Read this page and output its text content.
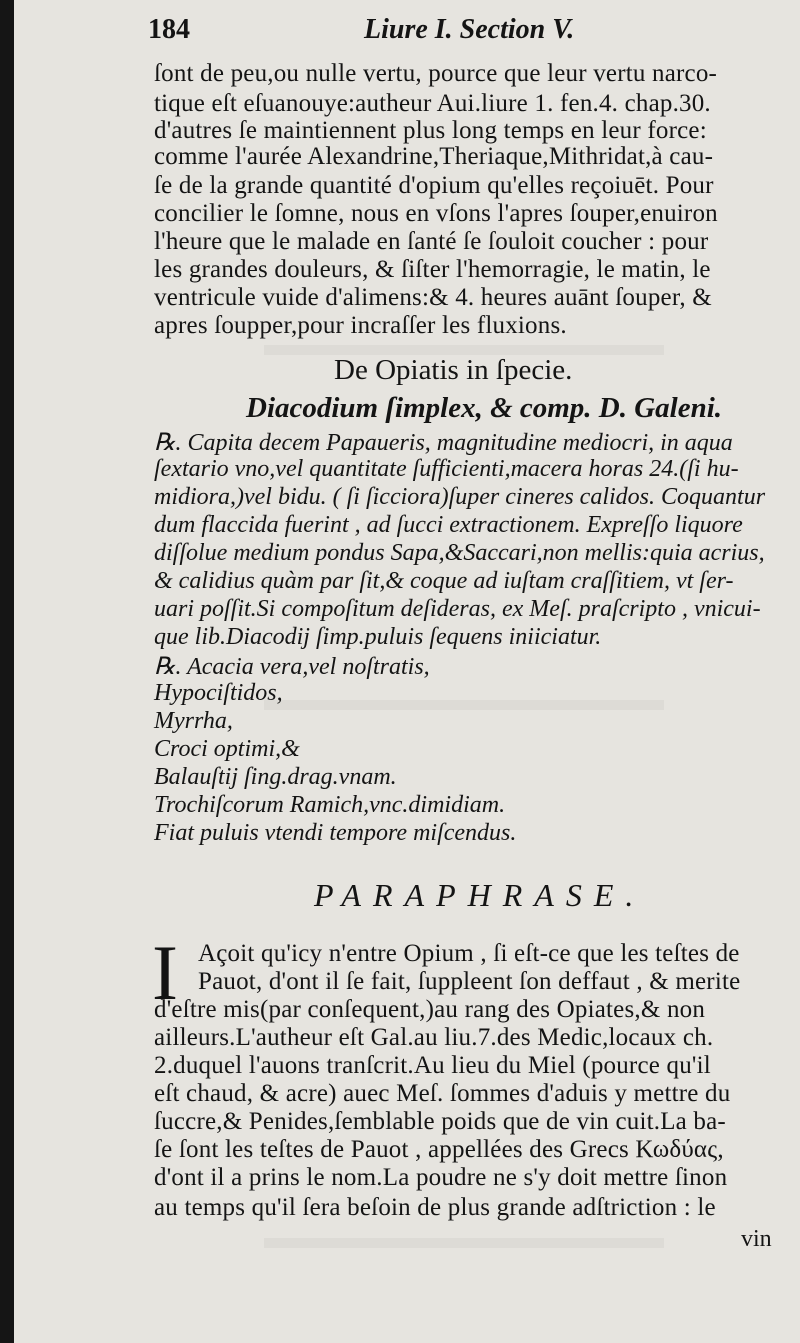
184	Liure I. Section V.
ſont de peu,ou nulle vertu, pource que leur vertu narco-
tique eſt eſuanouye:autheur Aui.liure 1. fen.4. chap.30.
d'autres ſe maintiennent plus long temps en leur force:
comme l'aurée Alexandrine,Theriaque,Mithridat,à cau-
ſe de la grande quantité d'opium qu'elles reçoiuēt. Pour
concilier le ſomne, nous en vſons l'apres ſouper,enuiron
l'heure que le malade en ſanté ſe ſouloit coucher : pour
les grandes douleurs, & ſiſter l'hemorragie, le matin, le
ventricule vuide d'alimens:& 4. heures auānt ſouper, &
apres ſoupper,pour incraſſer les fluxions.
De Opiatis in ſpecie.
Diacodium ſimplex, & comp. D. Galeni.
℞. Capita decem Papaueris, magnitudine mediocri, in aqua
ſextario vno,vel quantitate ſufficienti,macera horas 24.(ſi hu-
midiora,)vel bidu. ( ſi ſicciora)ſuper cineres calidos. Coquantur
dum flaccida fuerint , ad ſucci extractionem. Expreſſo liquore
diſſolue medium pondus Sapa,&Saccari,non mellis:quia acrius,
& calidius quàm par ſit,& coque ad iuſtam craſſitiem, vt ſer-
uari poſſit.Si compoſitum deſideras, ex Meſ. praſcripto , vnicui-
que lib.Diacodij ſimp.puluis ſequens iniiciatur.
℞. Acacia vera,vel noſtratis,
Hypociſtidos,
Myrrha,
Croci optimi,&
Balauſtij ſing.drag.vnam.
Trochiſcorum Ramich,vnc.dimidiam.
Fiat puluis vtendi tempore miſcendus.
PARAPHRASE.
I Açoit qu'icy n'entre Opium , ſi eſt-ce que les teſtes de
Pauot, d'ont il ſe fait, ſuppleent ſon deffaut , & merite
d'eſtre mis(par conſequent,)au rang des Opiates,& non
ailleurs.L'autheur eſt Gal.au liu.7.des Medic,locaux ch.
2.duquel l'auons tranſcrit.Au lieu du Miel (pource qu'il
eſt chaud, & acre) auec Meſ. ſommes d'aduis y mettre du
ſuccre,& Penides,ſemblable poids que de vin cuit.La ba-
ſe ſont les teſtes de Pauot , appellées des Grecs Κωδύας,
d'ont il a prins le nom.La poudre ne s'y doit mettre ſinon
au temps qu'il ſera beſoin de plus grande adſtriction : le
vin
